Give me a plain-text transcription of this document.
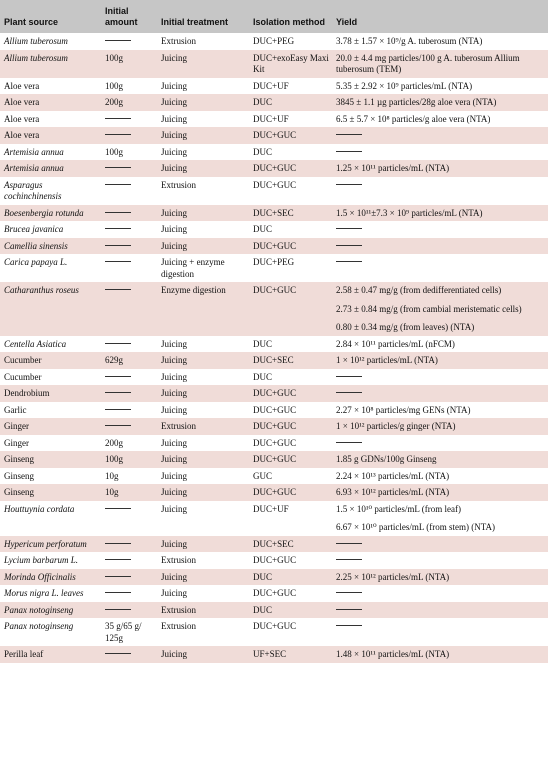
Plant source	Initial amount	Initial treatment	Isolation method	Yield
Allium tuberosum		Extrusion	DUC+PEG	3.78 ± 1.57 × 10⁹/g A. tuberosum (NTA)

Allium tuberosum	100g	Juicing	DUC+exoEasy Maxi Kit	20.0 ± 4.4 mg particles/100 g A. tuberosum Allium tuberosum (TEM)

Aloe vera	100g	Juicing	DUC+UF	5.35 ± 2.92 × 10⁹ particles/mL (NTA)

Aloe vera	200g	Juicing	DUC	3845 ± 1.1 µg particles/28g aloe vera (NTA)

Aloe vera		Juicing	DUC+UF	6.5 ± 5.7 × 10⁸ particles/g aloe vera (NTA)

Aloe vera		Juicing	DUC+GUC	
Artemisia annua	100g	Juicing	DUC	
Artemisia annua		Juicing	DUC+GUC	1.25 × 10¹¹ particles/mL (NTA)

Asparagus cochinchinensis		Extrusion	DUC+GUC	
Boesenbergia rotunda		Juicing	DUC+SEC	1.5 × 10¹¹±7.3 × 10⁹ particles/mL (NTA)

Brucea javanica		Juicing	DUC	
Camellia sinensis		Juicing	DUC+GUC	
Carica papaya L.		Juicing + enzyme digestion	DUC+PEG	
Catharanthus roseus		Enzyme digestion	DUC+GUC	2.58 ± 0.47 mg/g (from dedifferentiated cells)
2.73 ± 0.84 mg/g (from cambial meristematic cells)
0.80 ± 0.34 mg/g (from leaves) (NTA)

Centella Asiatica		Juicing	DUC	2.84 × 10¹¹ particles/mL (nFCM)

Cucumber	629g	Juicing	DUC+SEC	1 × 10¹² particles/mL (NTA)

Cucumber		Juicing	DUC	
Dendrobium		Juicing	DUC+GUC	
Garlic		Juicing	DUC+GUC	2.27 × 10⁸ particles/mg GENs (NTA)

Ginger		Extrusion	DUC+GUC	1 × 10¹² particles/g ginger (NTA)

Ginger	200g	Juicing	DUC+GUC	
Ginseng	100g	Juicing	DUC+GUC	1.85 g GDNs/100g Ginseng

Ginseng	10g	Juicing	GUC	2.24 × 10¹³ particles/mL (NTA)

Ginseng	10g	Juicing	DUC+GUC	6.93 × 10¹² particles/mL (NTA)

Houttuynia cordata		Juicing	DUC+UF	1.5 × 10¹⁰ particles/mL (from leaf)
6.67 × 10¹⁰ particles/mL (from stem) (NTA)

Hypericum perforatum		Juicing	DUC+SEC	
Lycium barbarum L.		Extrusion	DUC+GUC	
Morinda Officinalis		Juicing	DUC	2.25 × 10¹² particles/mL (NTA)

Morus nigra L. leaves		Juicing	DUC+GUC	
Panax notoginseng		Extrusion	DUC	
Panax notoginseng	35 g/65 g/ 125g	Extrusion	DUC+GUC	
Perilla leaf		Juicing	UF+SEC	1.48 × 10¹¹ particles/mL (NTA)
